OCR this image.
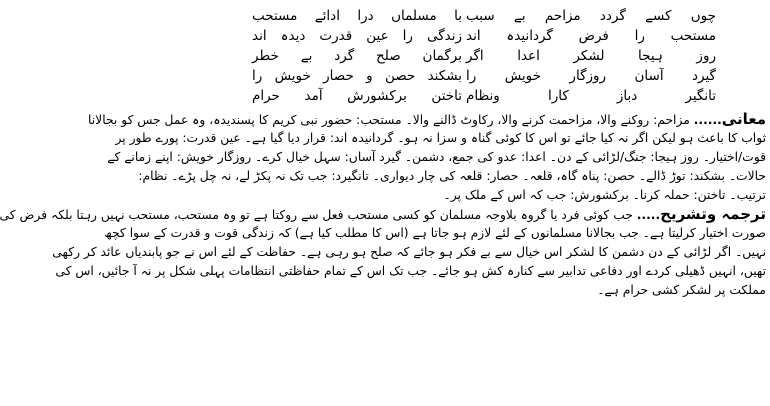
چوں کسے گردد مزاحم بے سبب
با مسلماں درا ادائے مستحب
مستحب را فرض گردانیدہ اند
زندگی را عین قدرت دیدہ اند
روز ہیجا لشکر اعدا اگر
برگمان صلح گرد بے خطر
گیرد آسان روزگار خویش را
بشکند حصن و حصار خویش را
تانگیر دباز کارا ونظام
تاختن برکشورش آمد حرام
معانی...... مزاحم: روکنے والا، مزاحمت کرنے والا، رکاوٹ ڈالنے والا۔ مستحب: حضور نبی کریم کا پسندیدہ، وہ عمل جس کو بجالانا
ثواب کا باعث ہو لیکن اگر نہ کیا جائے تو اس کا کوئی گناہ و سزا نہ ہو۔ گردانیدہ اند: قرار دیا گیا ہے۔ عین قدرت: پورے طور پر
قوت/اختیار۔ روز ہیجا: جنگ/لڑائی کے دن۔ اعدا: عدو کی جمع، دشمن۔ گیرد آساں: سہل خیال کرے۔ روزگار خویش: اپنے زمانے کے
حالات۔ بشکند: توڑ ڈالے۔ حصن: پناہ گاہ، قلعہ۔ حصار: قلعہ کی چار دیواری۔ تانگیرد: جب تک نہ پکڑ لے، نہ چل پڑے۔ نظام:
ترتیب۔ تاختن: حملہ کرنا۔ برکشورش: جب کہ اس کے ملک پر۔
ترجمہ وتشریح..... جب کوئی فرد یا گروہ بلاوجہ مسلمان کو کسی مستحب فعل سے روکتا ہے تو وہ مستحب، مستحب نہیں رہتا بلکہ فرض کی
صورت اختیار کرلیتا ہے۔ جب بجالانا مسلمانوں کے لئے لازم ہو جاتا ہے (اس کا مطلب کیا ہے) کہ زندگی قوت و قدرت کے سوا کچھ
نہیں۔ اگر لڑائی کے دن دشمن کا لشکر اس خیال سے بے فکر ہو جائے کہ صلح ہو رہی ہے۔ حفاظت کے لئے اس نے جو پابندیاں عائد کر رکھی
تھیں، انہیں ڈھیلی کردے اور دفاعی تدابیر سے کنارہ کش ہو جائے۔ جب تک اس کے تمام حفاظتی انتظامات پہلی شکل پر نہ آ جائیں، اس کی
مملکت پر لشکر کشی حرام ہے۔
